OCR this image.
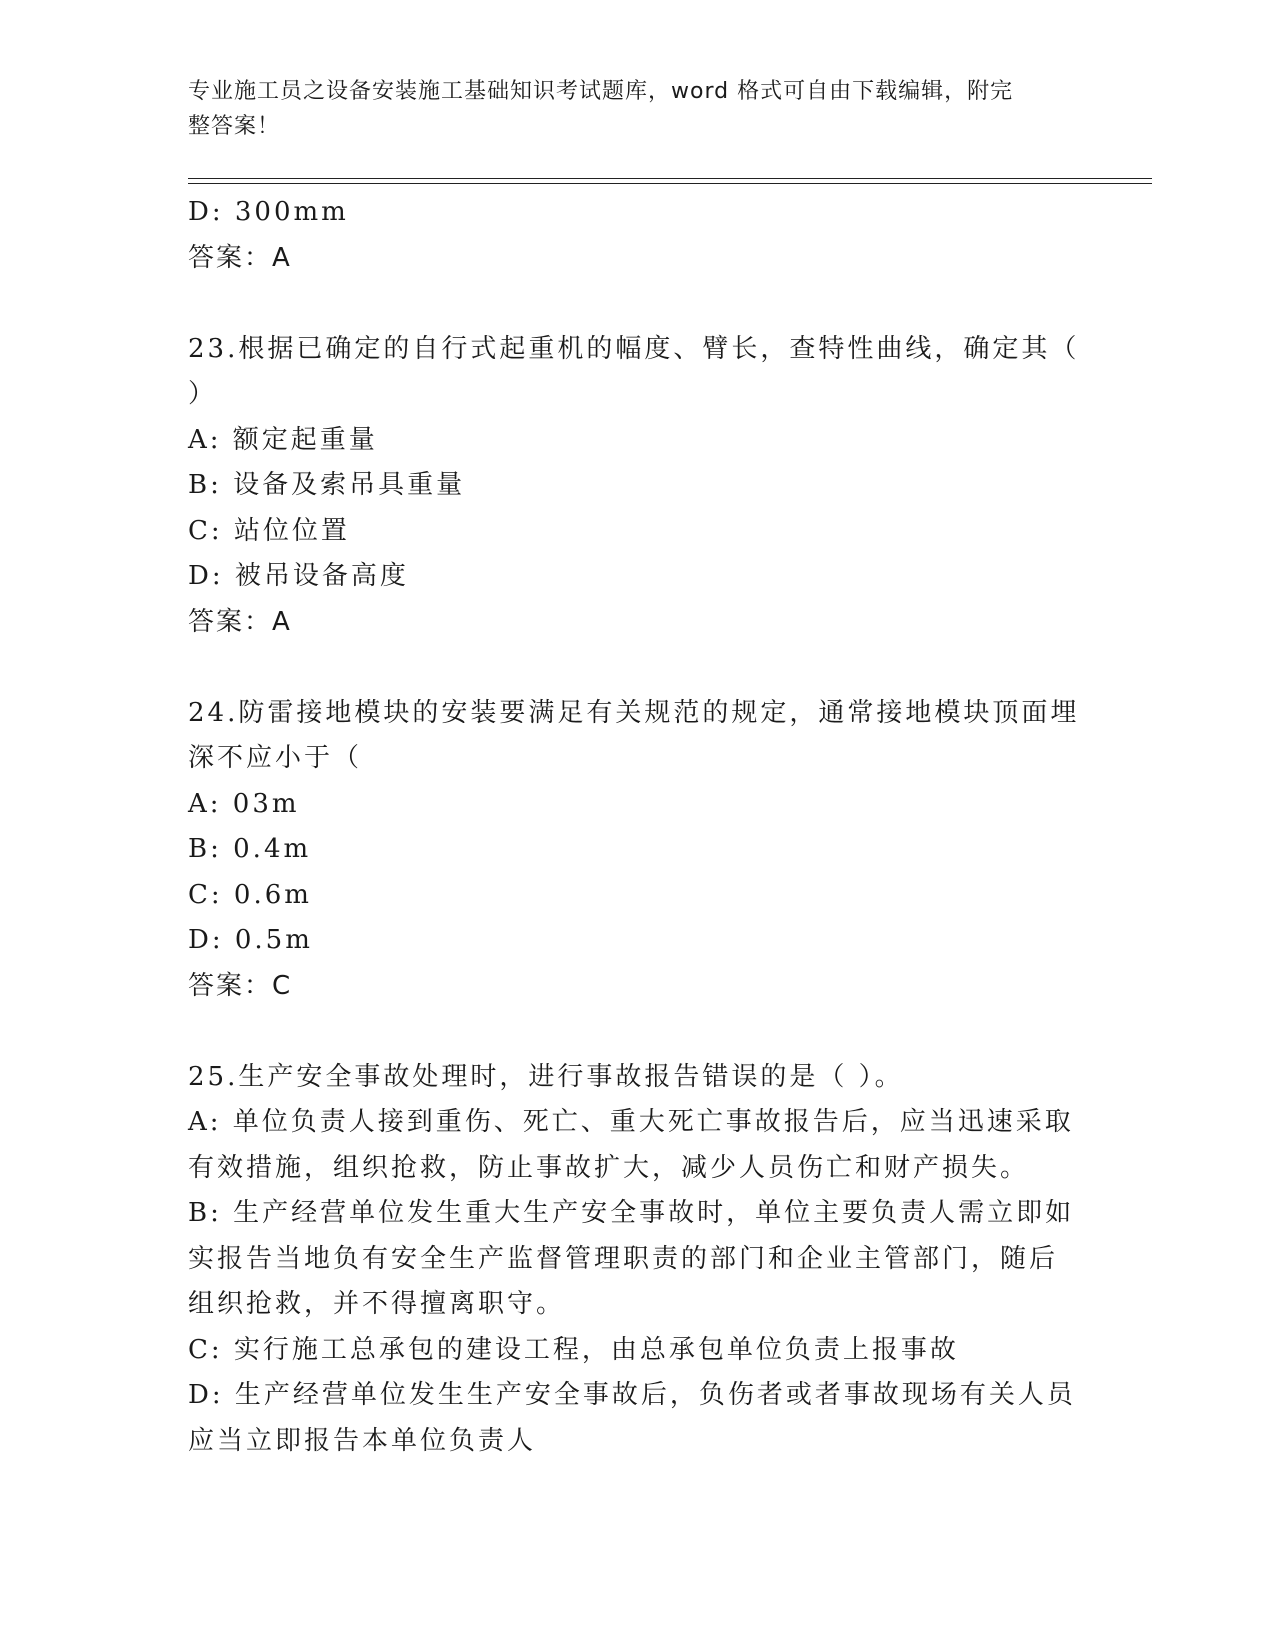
专业施工员之设备安装施工基础知识考试题库，word 格式可自由下载编辑，附完
整答案！
D: 300mm
答案：A
23.根据已确定的自行式起重机的幅度、臂长，查特性曲线，确定其（
）
A: 额定起重量
B: 设备及索吊具重量
C: 站位位置
D: 被吊设备高度
答案：A
24.防雷接地模块的安装要满足有关规范的规定，通常接地模块顶面埋
深不应小于（
A: 03m
B: 0.4m
C: 0.6m
D: 0.5m
答案：C
25.生产安全事故处理时，进行事故报告错误的是（ ）。
A: 单位负责人接到重伤、死亡、重大死亡事故报告后，应当迅速采取
有效措施，组织抢救，防止事故扩大，减少人员伤亡和财产损失。
B: 生产经营单位发生重大生产安全事故时，单位主要负责人需立即如
实报告当地负有安全生产监督管理职责的部门和企业主管部门，随后
组织抢救，并不得擅离职守。
C: 实行施工总承包的建设工程，由总承包单位负责上报事故
D: 生产经营单位发生生产安全事故后，负伤者或者事故现场有关人员
应当立即报告本单位负责人
